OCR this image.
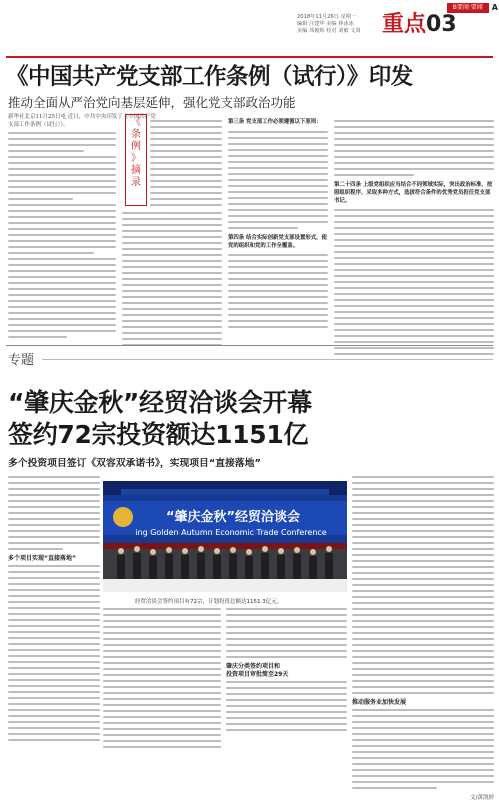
B要闻·要闻	A
2018年11月26日 星期一
编辑 汪建华 美编 林冰冰
美编 邓俊辉 校对 刘敏 文贤 重点03
《中国共产党支部工作条例（试行）》印发
推动全面从严治党向基层延伸，强化党支部政治功能
新华社北京11月25日电 近日，中共中央印发了《中国共产党支部工作条例（试行）》。	《
条
例
》
摘
录
第三条 党支部工作必须遵循以下原则：
第四条 结合实际创新党支部设置形式，使党的组织和党的工作全覆盖。
第二十四条 上级党组织应当结合不同领域实际，突出政治标准，按照组织程序，采取多种方式，选拔符合条件的优秀党员担任党支部书记。
专题
“肇庆金秋”经贸洽谈会开幕
签约72宗投资额达1151亿
多个投资项目签订《双容双承诺书》，实现项目“直接落地”
多个项目实现“直接落地”
“肇庆金秋”经贸洽谈会
ing Golden Autumn Economic Trade Conference
经贸洽谈会签约项目有72宗，计划投资总额达1151.3亿元。
肇庆分类签约项目和
投资项目审批简至29天
推动服务业加快发展
文/黄凯婷
